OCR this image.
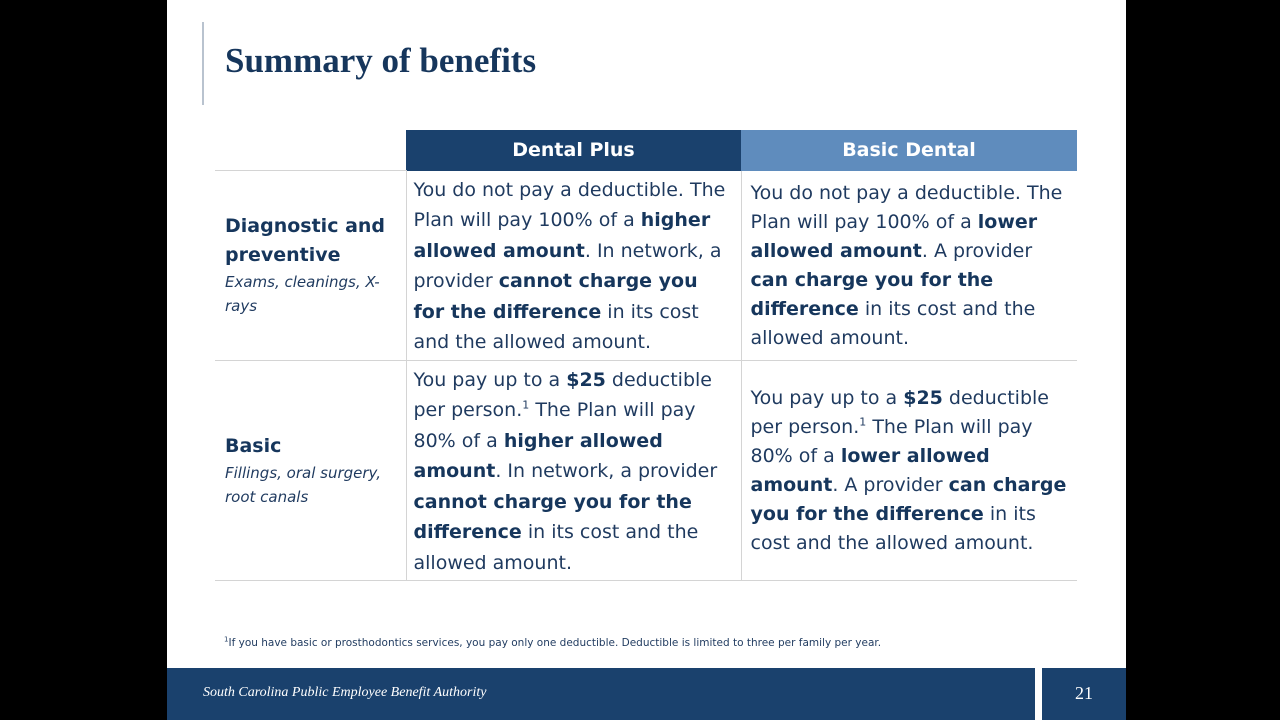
Summary of benefits
	Dental Plus	Basic Dental

Diagnostic and preventive
Exams, cleanings, X-rays	You do not pay a deductible. The Plan will pay 100% of a higher allowed amount. In network, a provider cannot charge you for the difference in its cost and the allowed amount.	You do not pay a deductible. The Plan will pay 100% of a lower allowed amount. A provider can charge you for the difference in its cost and the allowed amount.

Basic
Fillings, oral surgery, root canals	You pay up to a $25 deductible per person.$^1$ The Plan will pay 80% of a higher allowed amount. In network, a provider cannot charge you for the difference in its cost and the allowed amount.	You pay up to a $25 deductible per person.$^1$ The Plan will pay 80% of a lower allowed amount. A provider can charge you for the difference in its cost and the allowed amount.
$^1$If you have basic or prosthodontics services, you pay only one deductible. Deductible is limited to three per family per year.
South Carolina Public Employee Benefit Authority	21
